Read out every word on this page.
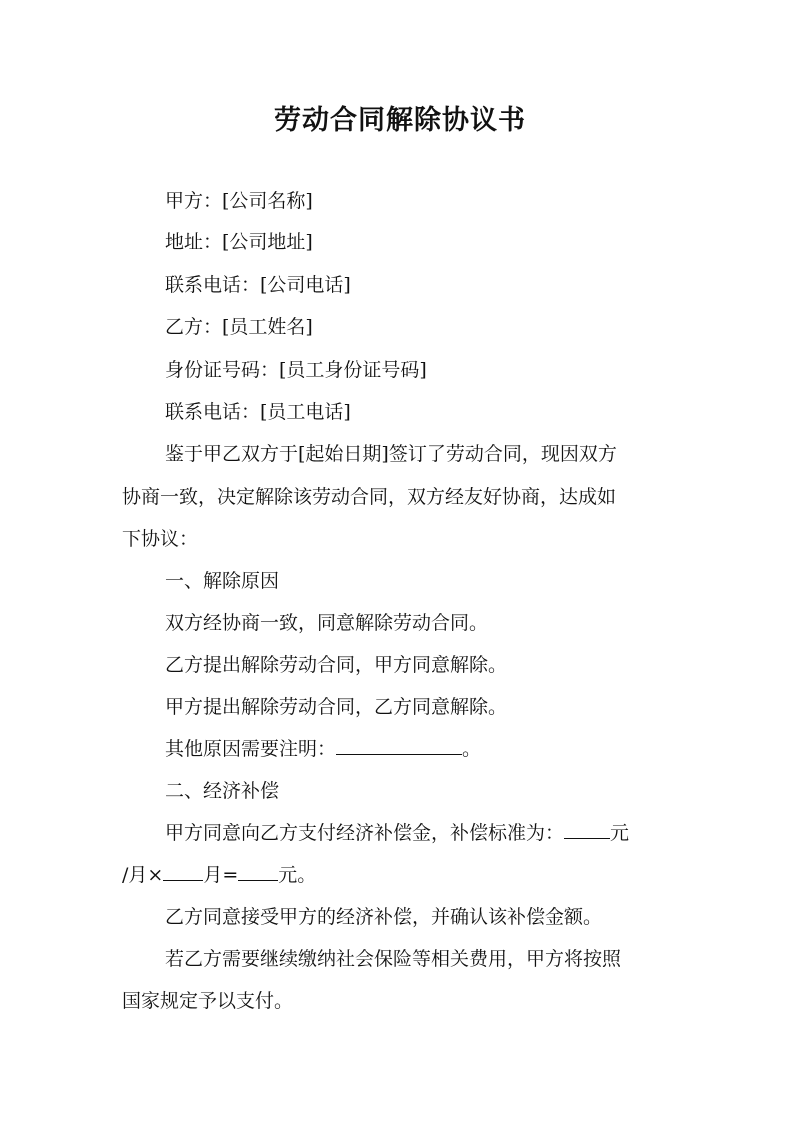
劳动合同解除协议书
甲方：[公司名称]
地址：[公司地址]
联系电话：[公司电话]
乙方：[员工姓名]
身份证号码：[员工身份证号码]
联系电话：[员工电话]
鉴于甲乙双方于[起始日期]签订了劳动合同，现因双方
协商一致，决定解除该劳动合同，双方经友好协商，达成如
下协议：
一、解除原因
双方经协商一致，同意解除劳动合同。
乙方提出解除劳动合同，甲方同意解除。
甲方提出解除劳动合同，乙方同意解除。
其他原因需要注明：	。
二、经济补偿
甲方同意向乙方支付经济补偿金，补偿标准为： 元
/月× 月= 元。
乙方同意接受甲方的经济补偿，并确认该补偿金额。
若乙方需要继续缴纳社会保险等相关费用，甲方将按照
国家规定予以支付。
